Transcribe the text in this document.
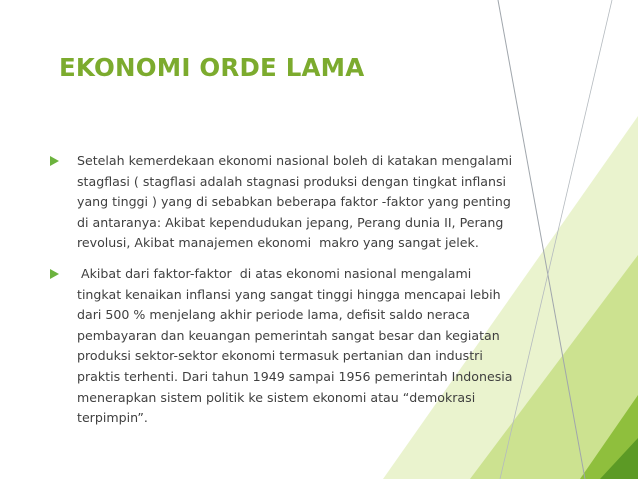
EKONOMI ORDE LAMA
Setelah kemerdekaan ekonomi nasional boleh di katakan mengalami
stagflasi ( stagflasi adalah stagnasi produksi dengan tingkat inflansi
yang tinggi ) yang di sebabkan beberapa faktor -faktor yang penting
di antaranya: Akibat kependudukan jepang, Perang dunia II, Perang
revolusi, Akibat manajemen ekonomi  makro yang sangat jelek.
Akibat dari faktor-faktor  di atas ekonomi nasional mengalami
tingkat kenaikan inflansi yang sangat tinggi hingga mencapai lebih
dari 500 % menjelang akhir periode lama, defisit saldo neraca
pembayaran dan keuangan pemerintah sangat besar dan kegiatan
produksi sektor-sektor ekonomi termasuk pertanian dan industri
praktis terhenti. Dari tahun 1949 sampai 1956 pemerintah Indonesia
menerapkan sistem politik ke sistem ekonomi atau “demokrasi
terpimpin”.
